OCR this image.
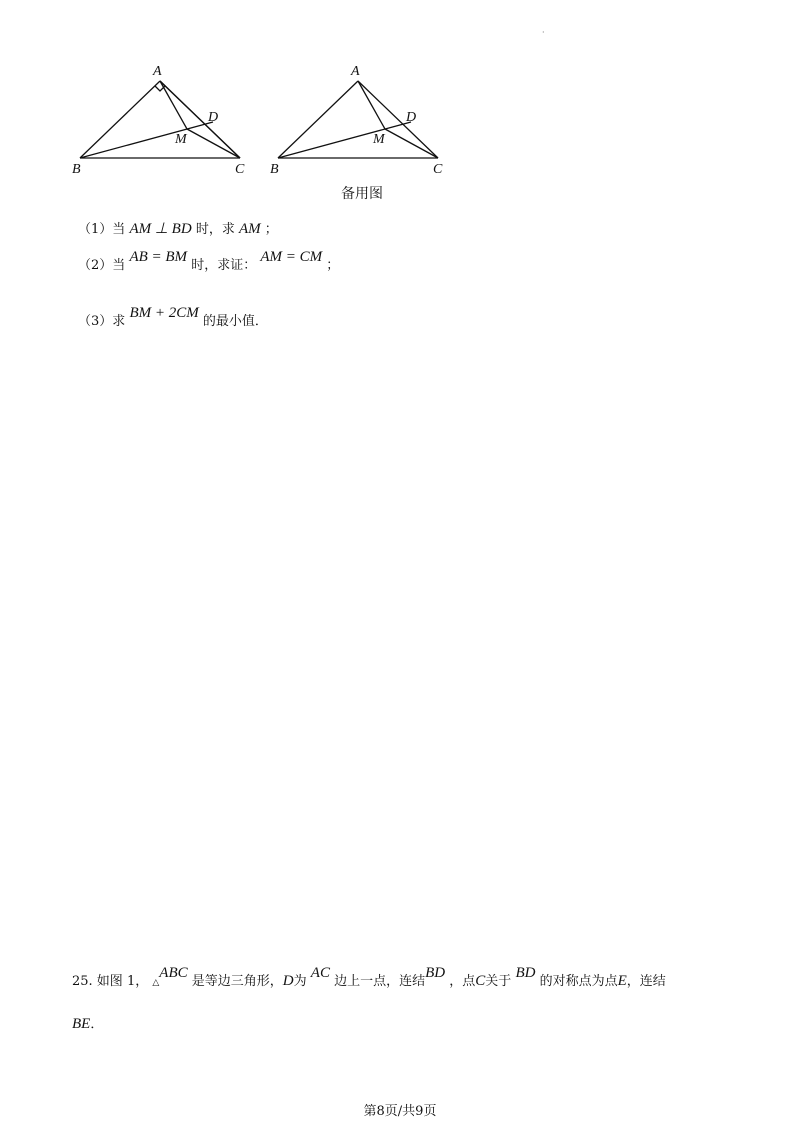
·
A
B	C
D
M
A
B	C
D
M
备用图
（1）当 AM ⊥ BD 时，求 AM ；
（2）当 AB = BM 时，求证： AM = CM ；
（3）求 BM + 2CM 的最小值．
25. 如图 1， △ABC 是等边三角形，D为 AC 边上一点，连结BD ，点C关于 BD 的对称点为点E，连结
BE．
第8页/共9页
